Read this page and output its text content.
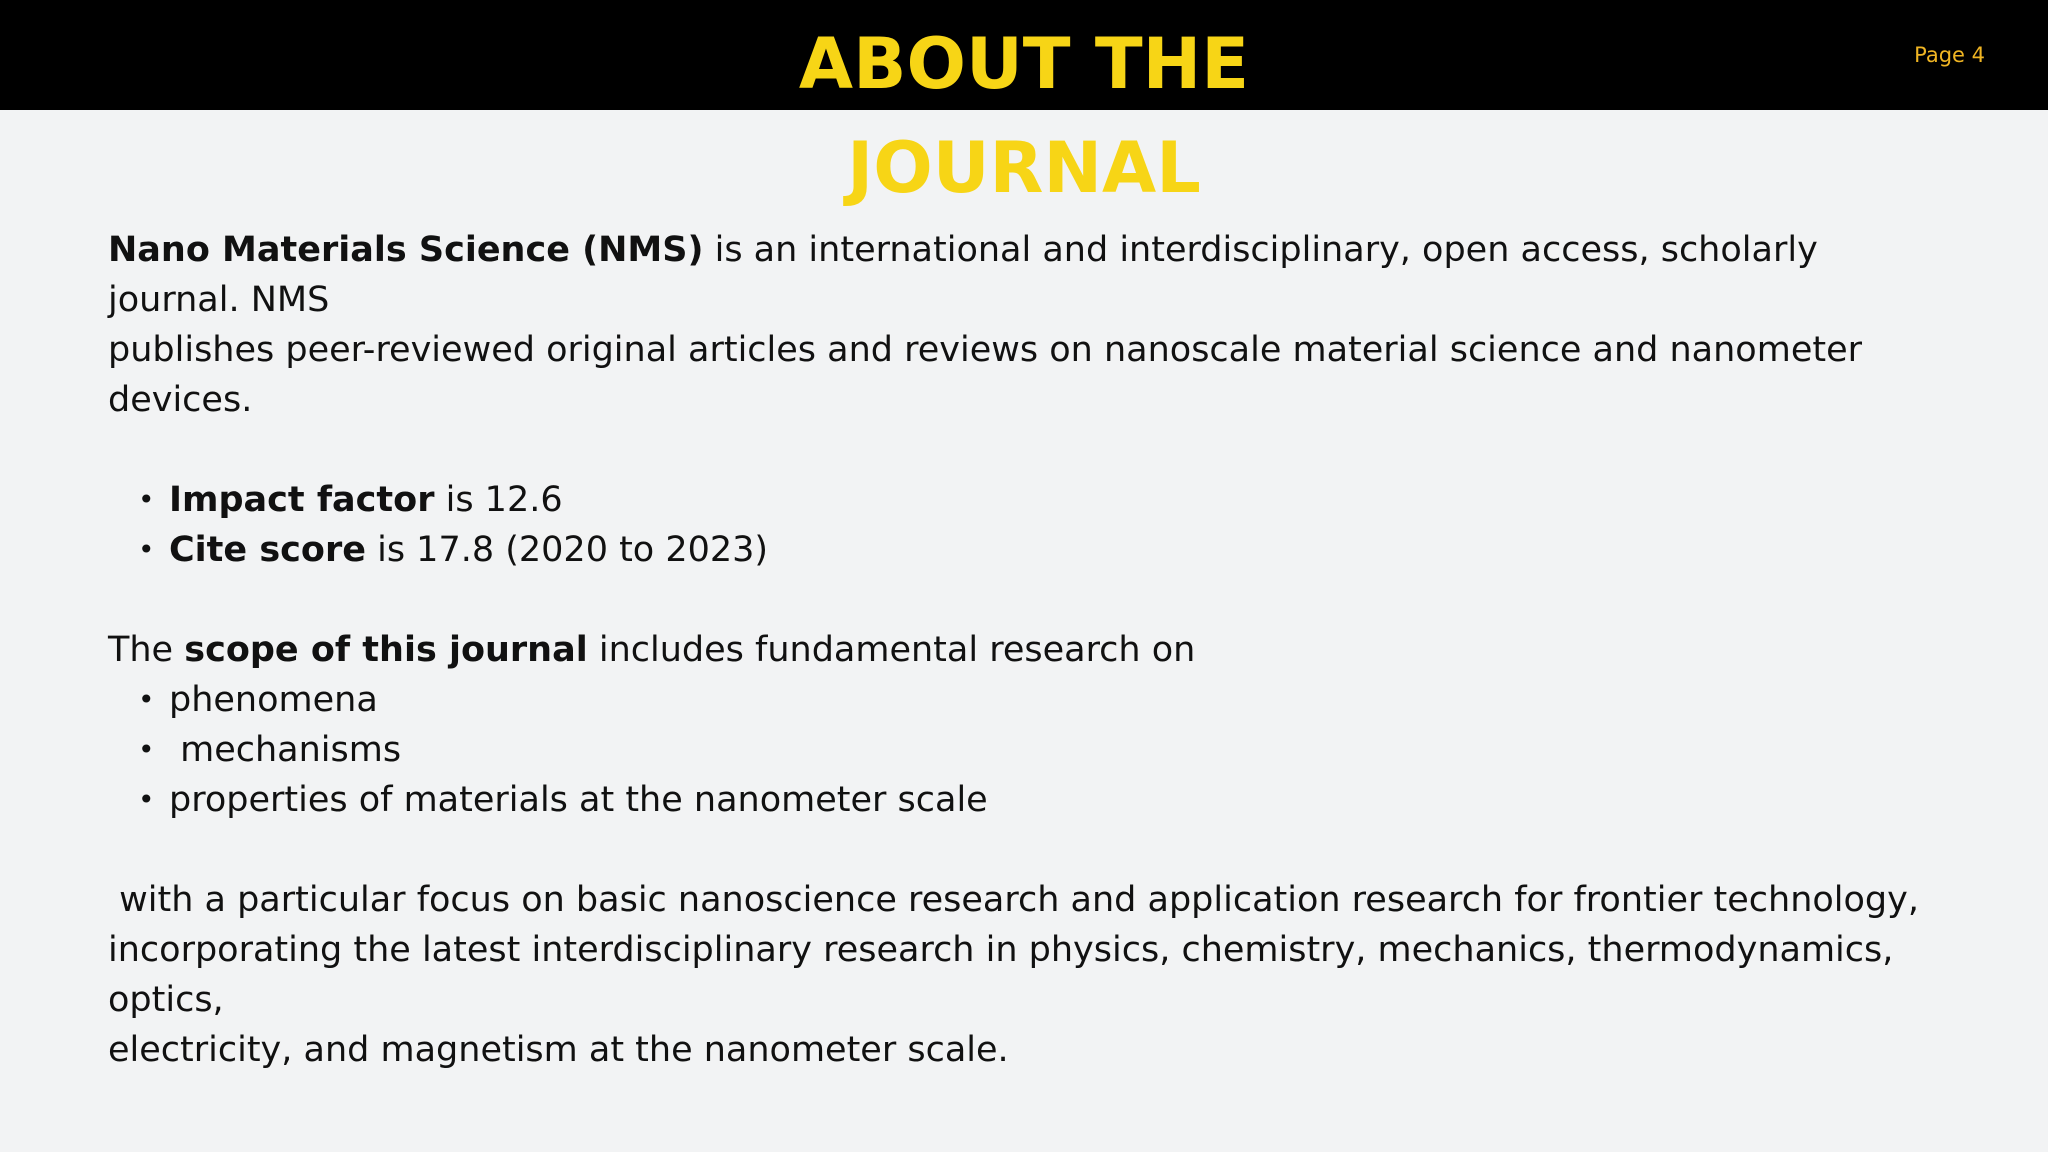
ABOUT THE
JOURNAL
Page 4

Nano Materials Science (NMS) is an international and interdisciplinary, open access, scholarly journal. NMS
publishes peer-reviewed original articles and reviews on nanoscale material science and nanometer devices.

• Impact factor is 12.6
• Cite score is 17.8 (2020 to 2023)

The scope of this journal includes fundamental research on

• phenomena
• mechanisms
• properties of materials at the nanometer scale

with a particular focus on basic nanoscience research and application research for frontier technology,
incorporating the latest interdisciplinary research in physics, chemistry, mechanics, thermodynamics, optics,
electricity, and magnetism at the nanometer scale.
